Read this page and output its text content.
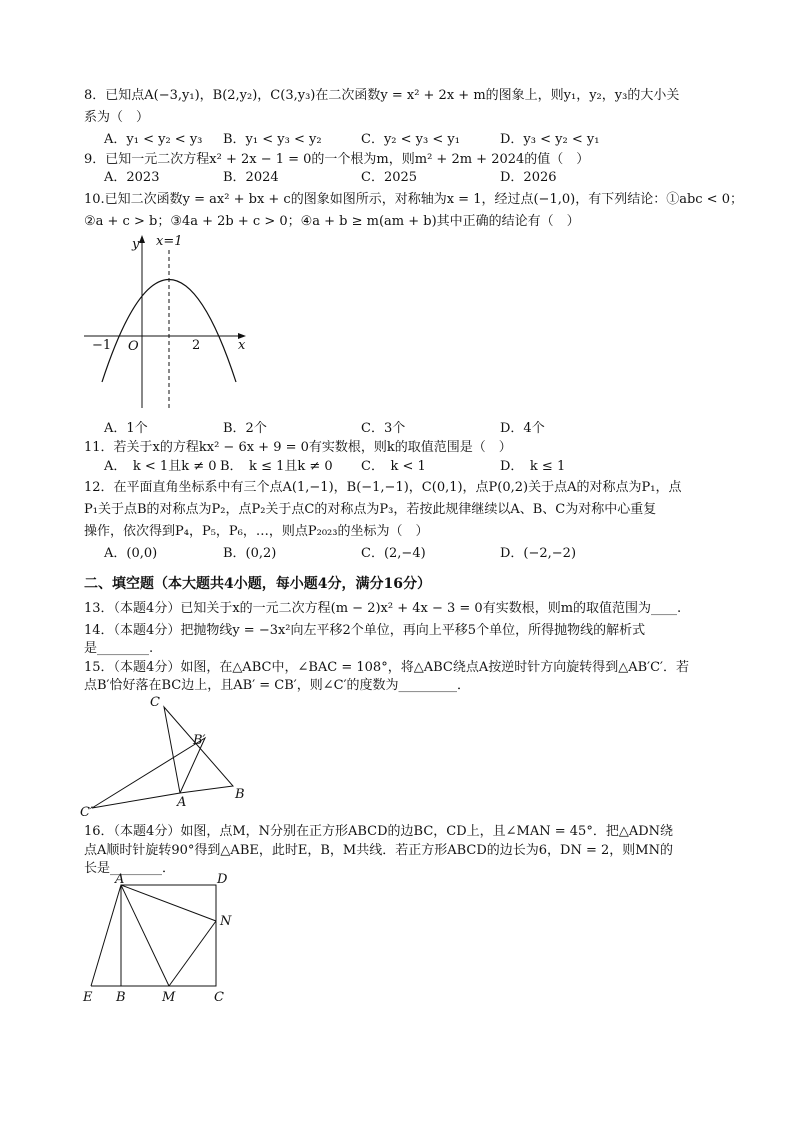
8．已知点A(−3,y₁)，B(2,y₂)，C(3,y₃)在二次函数y = x² + 2x + m的图象上，则y₁，y₂，y₃的大小关
系为（　）
A．y₁ < y₂ < y₃ B．y₁ < y₃ < y₂	C．y₂ < y₃ < y₁	D．y₃ < y₂ < y₁
9．已知一元二次方程x² + 2x − 1 = 0的一个根为m，则m² + 2m + 2024的值（　）
A．2023	B．2024	C．2025	D．2026
10.已知二次函数y = ax² + bx + c的图象如图所示，对称轴为x = 1，经过点(−1,0)，有下列结论：①abc < 0；
②a + c > b；③4a + 2b + c > 0；④a + b ≥ m(am + b)其中正确的结论有（　）
y x=1
x
O
−1	2
A．1个	B．2个	C．3个	D．4个
11．若关于x的方程kx² − 6x + 9 = 0有实数根，则k的取值范围是（　）
A．　k < 1且k ≠ 0 B．　k ≤ 1且k ≠ 0 C．　k < 1	D．　k ≤ 1
12．在平面直角坐标系中有三个点A(1,−1)，B(−1,−1)，C(0,1)，点P(0,2)关于点A的对称点为P₁，点
P₁关于点B的对称点为P₂，点P₂关于点C的对称点为P₃，若按此规律继续以A、B、C为对称中心重复
操作，依次得到P₄，P₅，P₆，…，则点P₂₀₂₃的坐标为（　）
A．(0,0)	B．(0,2)	C．(2,−4)	D．(−2,−2)
二、填空题（本大题共4小题，每小题4分，满分16分）
13．（本题4分）已知关于x的一元二次方程(m − 2)x² + 4x − 3 = 0有实数根，则m的取值范围为____.
14．（本题4分）把抛物线y = −3x²向左平移2个单位，再向上平移5个单位，所得抛物线的解析式
是________.
15．（本题4分）如图，在△ABC中，∠BAC = 108°，将△ABC绕点A按逆时针方向旋转得到△AB′C′．若
点B′恰好落在BC边上，且AB′ = CB′，则∠C′的度数为_________．
C
B′
C′
A
B
16．（本题4分）如图，点M，N分别在正方形ABCD的边BC，CD上，且∠MAN = 45°．把△ADN绕
点A顺时针旋转90°得到△ABE，此时E，B，M共线．若正方形ABCD的边长为6，DN = 2，则MN的
长是________．
A	D
N
E B	M	C
